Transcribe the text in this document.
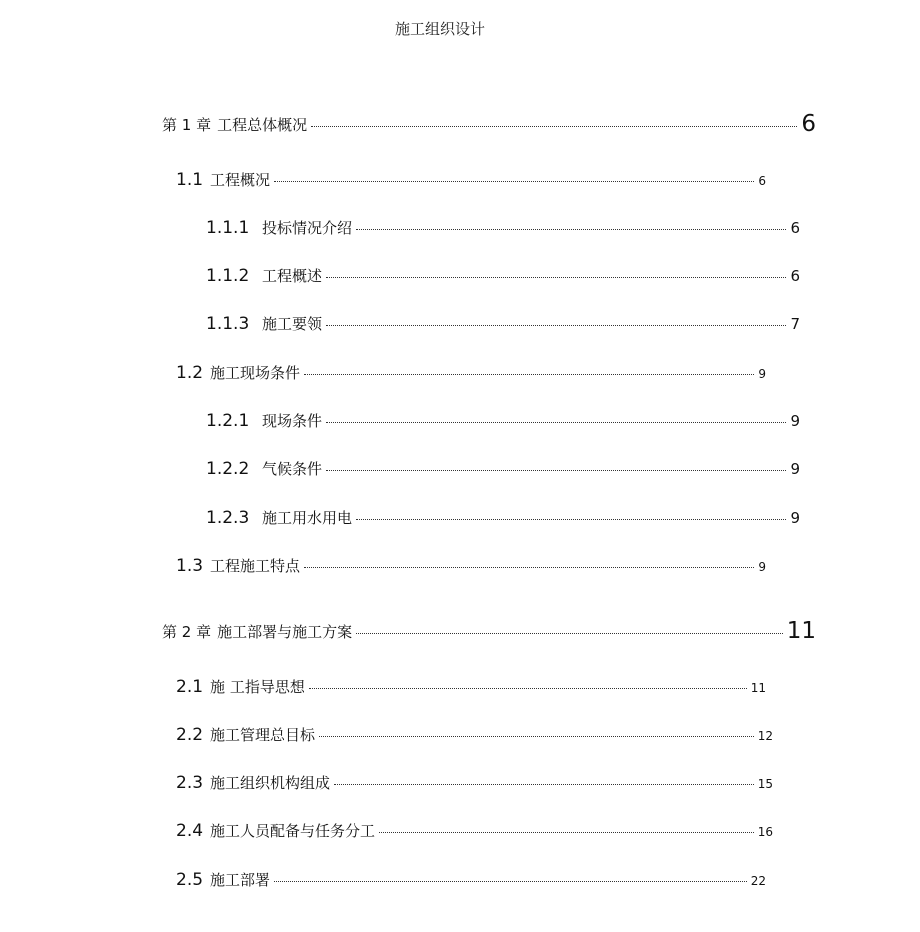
施工组织设计
第 1 章 工程总体概况	6
1.1 工程概况	6
1.1.1 投标情况介绍	6
1.1.2 工程概述	6
1.1.3 施工要领	7
1.2 施工现场条件	9
1.2.1 现场条件	9
1.2.2 气候条件	9
1.2.3 施工用水用电	9
1.3 工程施工特点	9
第 2 章 施工部署与施工方案	11
2.1 施 工指导思想	11
2.2 施工管理总目标	12
2.3 施工组织机构组成	15
2.4 施工人员配备与任务分工	16
2.5 施工部署	22
